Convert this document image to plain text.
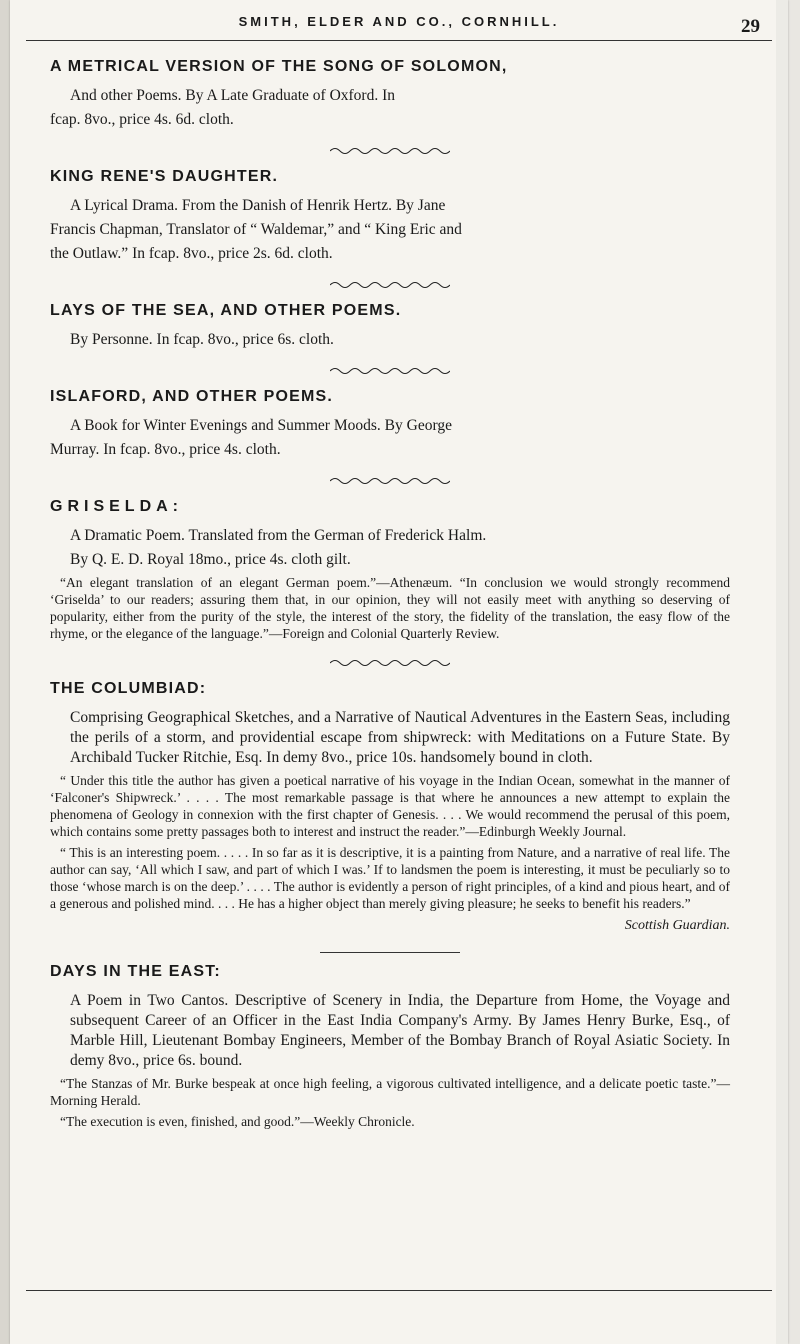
SMITH, ELDER AND CO., CORNHILL.	29
A METRICAL VERSION OF THE SONG OF SOLOMON,

And other Poems. By A Late Graduate of Oxford. In

fcap. 8vo., price 4s. 6d. cloth.

KING RENE'S DAUGHTER.

A Lyrical Drama. From the Danish of Henrik Hertz. By Jane

Francis Chapman, Translator of “ Waldemar,” and “ King Eric and

the Outlaw.” In fcap. 8vo., price 2s. 6d. cloth.

LAYS OF THE SEA, AND OTHER POEMS.

By Personne. In fcap. 8vo., price 6s. cloth.

ISLAFORD, AND OTHER POEMS.

A Book for Winter Evenings and Summer Moods. By George

Murray. In fcap. 8vo., price 4s. cloth.

GRISELDA:

A Dramatic Poem. Translated from the German of Frederick Halm.

By Q. E. D. Royal 18mo., price 4s. cloth gilt.

“An elegant translation of an elegant German poem.”—Athenæum. “In conclusion we would strongly recommend ‘Griselda’ to our readers; assuring them that, in our opinion, they will not easily meet with anything so deserving of popularity, either from the purity of the style, the interest of the story, the fidelity of the translation, the easy flow of the rhyme, or the elegance of the language.”—Foreign and Colonial Quarterly Review.

THE COLUMBIAD:

Comprising Geographical Sketches, and a Narrative of Nautical Adventures in the Eastern Seas, including the perils of a storm, and providential escape from shipwreck: with Meditations on a Future State. By Archibald Tucker Ritchie, Esq. In demy 8vo., price 10s. handsomely bound in cloth.

“ Under this title the author has given a poetical narrative of his voyage in the Indian Ocean, somewhat in the manner of ‘Falconer's Shipwreck.’ . . . . The most remarkable passage is that where he announces a new attempt to explain the phenomena of Geology in connexion with the first chapter of Genesis. . . . We would recommend the perusal of this poem, which contains some pretty passages both to interest and instruct the reader.”—Edinburgh Weekly Journal.

“ This is an interesting poem. . . . . In so far as it is descriptive, it is a painting from Nature, and a narrative of real life. The author can say, ‘All which I saw, and part of which I was.’ If to landsmen the poem is interesting, it must be peculiarly so to those ‘whose march is on the deep.’ . . . . The author is evidently a person of right principles, of a kind and pious heart, and of a generous and polished mind. . . . He has a higher object than merely giving pleasure; he seeks to benefit his readers.”

Scottish Guardian.

DAYS IN THE EAST:

A Poem in Two Cantos. Descriptive of Scenery in India, the Departure from Home, the Voyage and subsequent Career of an Officer in the East India Company's Army. By James Henry Burke, Esq., of Marble Hill, Lieutenant Bombay Engineers, Member of the Bombay Branch of Royal Asiatic Society. In demy 8vo., price 6s. bound.

“The Stanzas of Mr. Burke bespeak at once high feeling, a vigorous cultivated intelligence, and a delicate poetic taste.”—Morning Herald.

“The execution is even, finished, and good.”—Weekly Chronicle.
